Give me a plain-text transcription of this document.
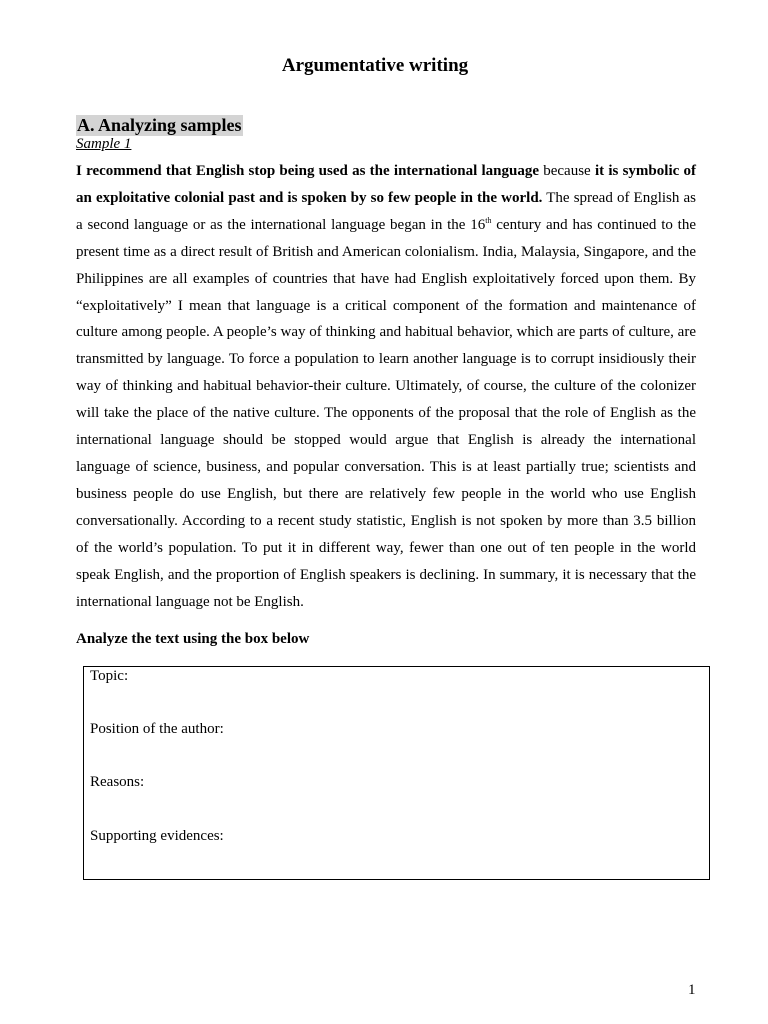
Argumentative writing
A. Analyzing samples

Sample 1

I recommend that English stop being used as the international language because it is symbolic of an exploitative colonial past and is spoken by so few people in the world. The spread of English as a second language or as the international language began in the 16th century and has continued to the present time as a direct result of British and American colonialism. India, Malaysia, Singapore, and the Philippines are all examples of countries that have had English exploitatively forced upon them. By “exploitatively” I mean that language is a critical component of the formation and maintenance of culture among people. A people’s way of thinking and habitual behavior, which are parts of culture, are transmitted by language. To force a population to learn another language is to corrupt insidiously their way of thinking and habitual behavior-their culture. Ultimately, of course, the culture of the colonizer will take the place of the native culture. The opponents of the proposal that the role of English as the international language should be stopped would argue that English is already the international language of science, business, and popular conversation. This is at least partially true; scientists and business people do use English, but there are relatively few people in the world who use English conversationally. According to a recent study statistic, English is not spoken by more than 3.5 billion of the world’s population. To put it in different way, fewer than one out of ten people in the world speak English, and the proportion of English speakers is declining. In summary, it is necessary that the international language not be English.

Analyze the text using the box below

Topic:

Position of the author:

Reasons:

Supporting evidences:

1
